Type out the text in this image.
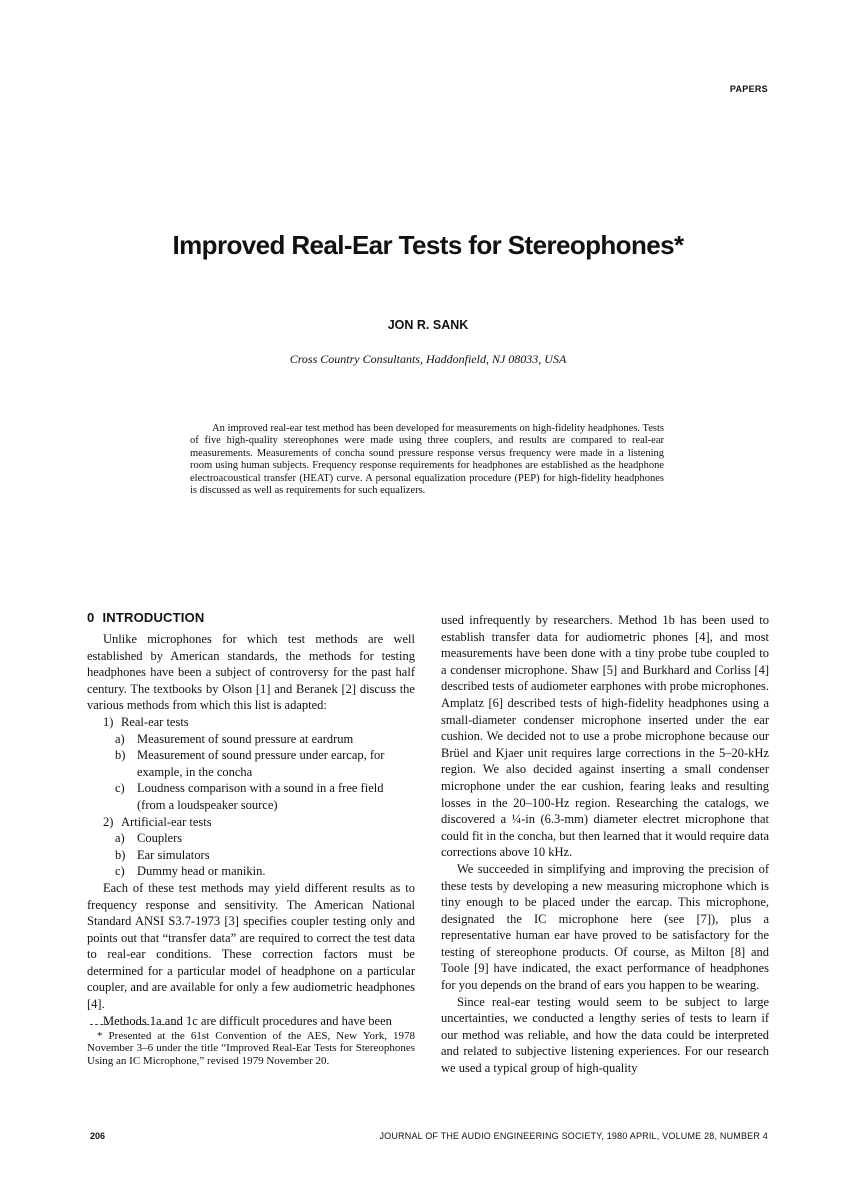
PAPERS
Improved Real-Ear Tests for Stereophones*
JON R. SANK
Cross Country Consultants, Haddonfield, NJ 08033, USA

An improved real-ear test method has been developed for measurements on high-fidelity headphones. Tests of five high-quality stereophones were made using three couplers, and results are compared to real-ear measurements. Measurements of concha sound pressure response versus frequency were made in a listening room using human subjects. Frequency response requirements for headphones are established as the headphone electroacoustical transfer (HEAT) curve. A personal equalization procedure (PEP) for high-fidelity headphones is discussed as well as requirements for such equalizers.

0 INTRODUCTION

Unlike microphones for which test methods are well established by American standards, the methods for testing headphones have been a subject of controversy for the past half century. The textbooks by Olson [1] and Beranek [2] discuss the various methods from which this list is adapted:

1) Real-ear tests
a) Measurement of sound pressure at eardrum
b) Measurement of sound pressure under earcap, for example, in the concha
c) Loudness comparison with a sound in a free field (from a loudspeaker source)
2) Artificial-ear tests
a) Couplers
b) Ear simulators
c) Dummy head or manikin.

Each of these test methods may yield different results as to frequency response and sensitivity. The American National Standard ANSI S3.7-1973 [3] specifies coupler testing only and points out that “transfer data” are required to correct the test data to real-ear conditions. These correction factors must be determined for a particular model of headphone on a particular coupler, and are available for only a few audiometric headphones [4].

Methods 1a and 1c are difficult procedures and have been

used infrequently by researchers. Method 1b has been used to establish transfer data for audiometric phones [4], and most measurements have been done with a tiny probe tube coupled to a condenser microphone. Shaw [5] and Burkhard and Corliss [4] described tests of audiometer earphones with probe microphones. Amplatz [6] described tests of high-fidelity headphones using a small-diameter condenser microphone inserted under the ear cushion. We decided not to use a probe microphone because our Brüel and Kjaer unit requires large corrections in the 5–20-kHz region. We also decided against inserting a small condenser microphone under the ear cushion, fearing leaks and resulting losses in the 20–100-Hz region. Researching the catalogs, we discovered a ¼-in (6.3-mm) diameter electret microphone that could fit in the concha, but then learned that it would require data corrections above 10 kHz.

We succeeded in simplifying and improving the precision of these tests by developing a new measuring microphone which is tiny enough to be placed under the earcap. This microphone, designated the IC microphone here (see [7]), plus a representative human ear have proved to be satisfactory for the testing of stereophone products. Of course, as Milton [8] and Toole [9] have indicated, the exact performance of headphones for you depends on the brand of ears you happen to be wearing.

Since real-ear testing would seem to be subject to large uncertainties, we conducted a lengthy series of tests to learn if our method was reliable, and how the data could be interpreted and related to subjective listening experiences. For our research we used a typical group of high-quality

* Presented at the 61st Convention of the AES, New York, 1978 November 3–6 under the title “Improved Real-Ear Tests for Stereophones Using an IC Microphone,” revised 1979 November 20.

206	JOURNAL OF THE AUDIO ENGINEERING SOCIETY, 1980 APRIL, VOLUME 28, NUMBER 4
